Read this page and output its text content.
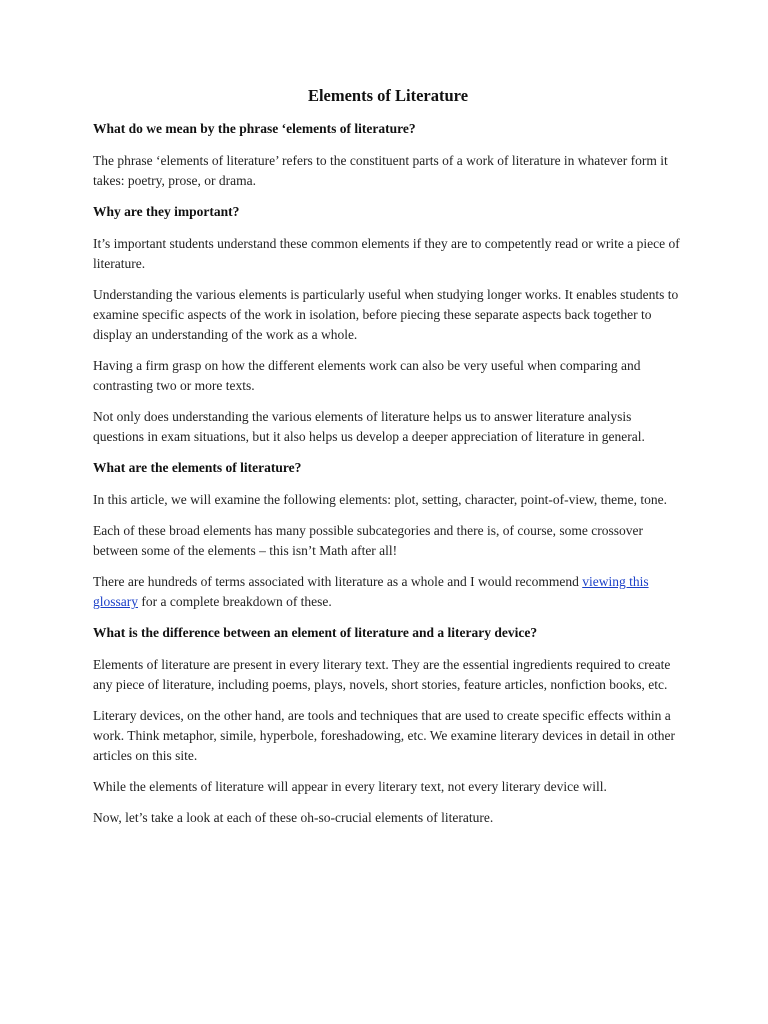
Elements of Literature
What do we mean by the phrase ‘elements of literature?
The phrase ‘elements of literature’ refers to the constituent parts of a work of literature in whatever form it takes: poetry, prose, or drama.
Why are they important?
It’s important students understand these common elements if they are to competently read or write a piece of literature.
Understanding the various elements is particularly useful when studying longer works. It enables students to examine specific aspects of the work in isolation, before piecing these separate aspects back together to display an understanding of the work as a whole.
Having a firm grasp on how the different elements work can also be very useful when comparing and contrasting two or more texts.
Not only does understanding the various elements of literature helps us to answer literature analysis questions in exam situations, but it also helps us develop a deeper appreciation of literature in general.
What are the elements of literature?
In this article, we will examine the following elements: plot, setting, character, point-of-view, theme, tone.
Each of these broad elements has many possible subcategories and there is, of course, some crossover between some of the elements – this isn’t Math after all!
There are hundreds of terms associated with literature as a whole and I would recommend viewing this glossary for a complete breakdown of these.
What is the difference between an element of literature and a literary device?
Elements of literature are present in every literary text. They are the essential ingredients required to create any piece of literature, including poems, plays, novels, short stories, feature articles, nonfiction books, etc.
Literary devices, on the other hand, are tools and techniques that are used to create specific effects within a work. Think metaphor, simile, hyperbole, foreshadowing, etc. We examine literary devices in detail in other articles on this site.
While the elements of literature will appear in every literary text, not every literary device will.
Now, let’s take a look at each of these oh-so-crucial elements of literature.
